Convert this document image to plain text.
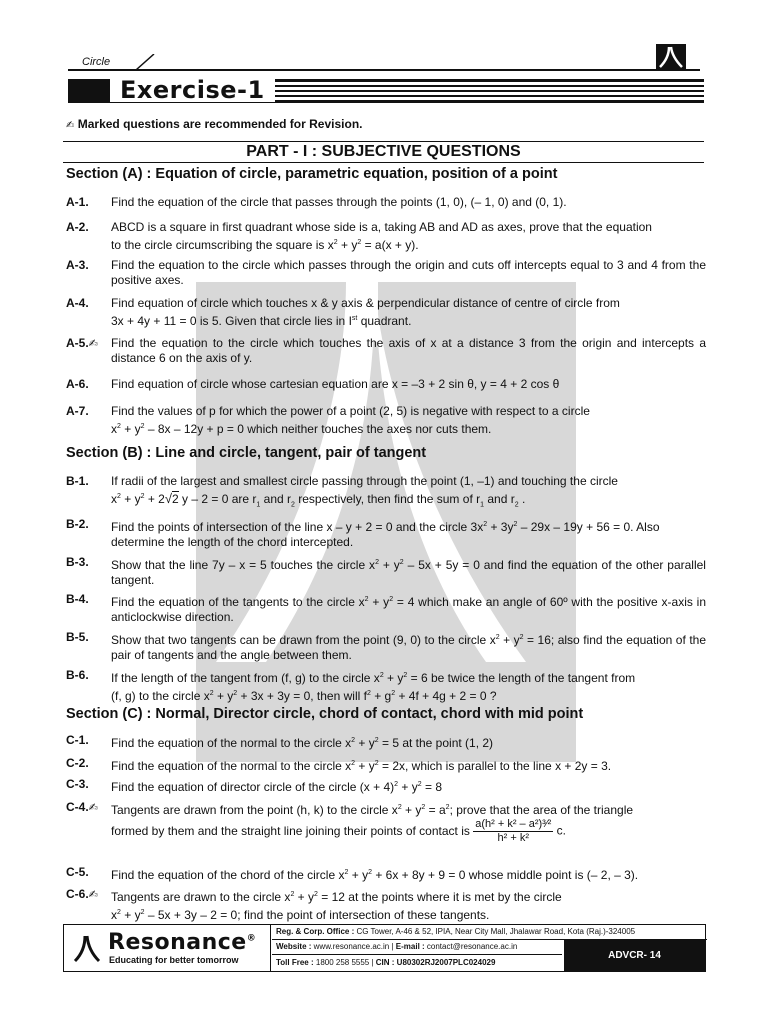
Circle
Exercise-1
✍ Marked questions are recommended for Revision.
PART - I : SUBJECTIVE QUESTIONS
Section (A) : Equation of circle, parametric equation, position of a point
A-1. Find the equation of the circle that passes through the points (1, 0), (– 1, 0) and (0, 1).
A-2. ABCD is a square in first quadrant whose side is a, taking AB and AD as axes, prove that the equation
to the circle circumscribing the square is $x^2 + y^2 = a(x + y)$.
A-3. Find the equation to the circle which passes through the origin and cuts off intercepts equal to 3 and 4 from the positive axes.
A-4. Find equation of circle which touches x & y axis & perpendicular distance of centre of circle from
3x + 4y + 11 = 0 is 5. Given that circle lies in Ist quadrant.
A-5.✍ Find the equation to the circle which touches the axis of x at a distance 3 from the origin and intercepts a distance 6 on the axis of y.
A-6. Find equation of circle whose cartesian equation are x = –3 + 2 sin θ, y = 4 + 2 cos θ
A-7. Find the values of p for which the power of a point (2, 5) is negative with respect to a circle
$x^2 + y^2 - 8x - 12y + p = 0$ which neither touches the axes nor cuts them.
Section (B) : Line and circle, tangent, pair of tangent
B-1. If radii of the largest and smallest circle passing through the point (1, –1) and touching the circle
$x^2 + y^2 + 2√2$ y – 2 = 0 are $r_1$ and $r_2$ respectively, then find the sum of $r_1$ and $r_2$ .
B-2. Find the points of intersection of the line x – y + 2 = 0 and the circle $3x^2 + 3y^2 - 29x - 19y + 56 = 0$. Also
determine the length of the chord intercepted.
B-3. Show that the line 7y – x = 5 touches the circle $x^2 + y^2 - 5x + 5y = 0$ and find the equation of the other parallel tangent.
B-4. Find the equation of the tangents to the circle $x^2 + y^2 = 4$ which make an angle of 60º with the positive x-axis in anticlockwise direction.
B-5. Show that two tangents can be drawn from the point (9, 0) to the circle $x^2 + y^2 = 16$; also find the equation of the pair of tangents and the angle between them.
B-6. If the length of the tangent from (f, g) to the circle $x^2 + y^2 = 6$ be twice the length of the tangent from
(f, g) to the circle $x^2 + y^2 + 3x + 3y = 0$, then will $f^2 + g^2 + 4f + 4g + 2 = 0$ ?
Section (C) : Normal, Director circle, chord of contact, chord with mid point
C-1. Find the equation of the normal to the circle $x^2 + y^2 = 5$ at the point (1, 2)
C-2. Find the equation of the normal to the circle $x^2 + y^2 = 2x$, which is parallel to the line x + 2y = 3.
C-3. Find the equation of director circle of the circle $(x + 4)^2 + y^2 = 8$
C-4.✍ Tangents are drawn from the point (h, k) to the circle $x^2 + y^2 = a^2$; prove that the area of the triangle
formed by them and the straight line joining their points of contact is $\frac{\text{a(h² + k² – a²)³⁄²}}{\text{h² + k²}} c$.
C-5. Find the equation of the chord of the circle $x^2 + y^2 + 6x + 8y + 9 = 0$ whose middle point is (– 2, – 3).
C-6.✍ Tangents are drawn to the circle $x^2 + y^2 = 12$ at the points where it is met by the circle
$x^2 + y^2 - 5x + 3y - 2 = 0$; find the point of intersection of these tangents.
Resonance®
Educating for better tomorrow
Reg. & Corp. Office : CG Tower, A-46 & 52, IPIA, Near City Mall, Jhalawar Road, Kota (Raj.)-324005
Website : www.resonance.ac.in | E-mail : contact@resonance.ac.in
Toll Free : 1800 258 5555 | CIN : U80302RJ2007PLC024029
ADVCR- 14
